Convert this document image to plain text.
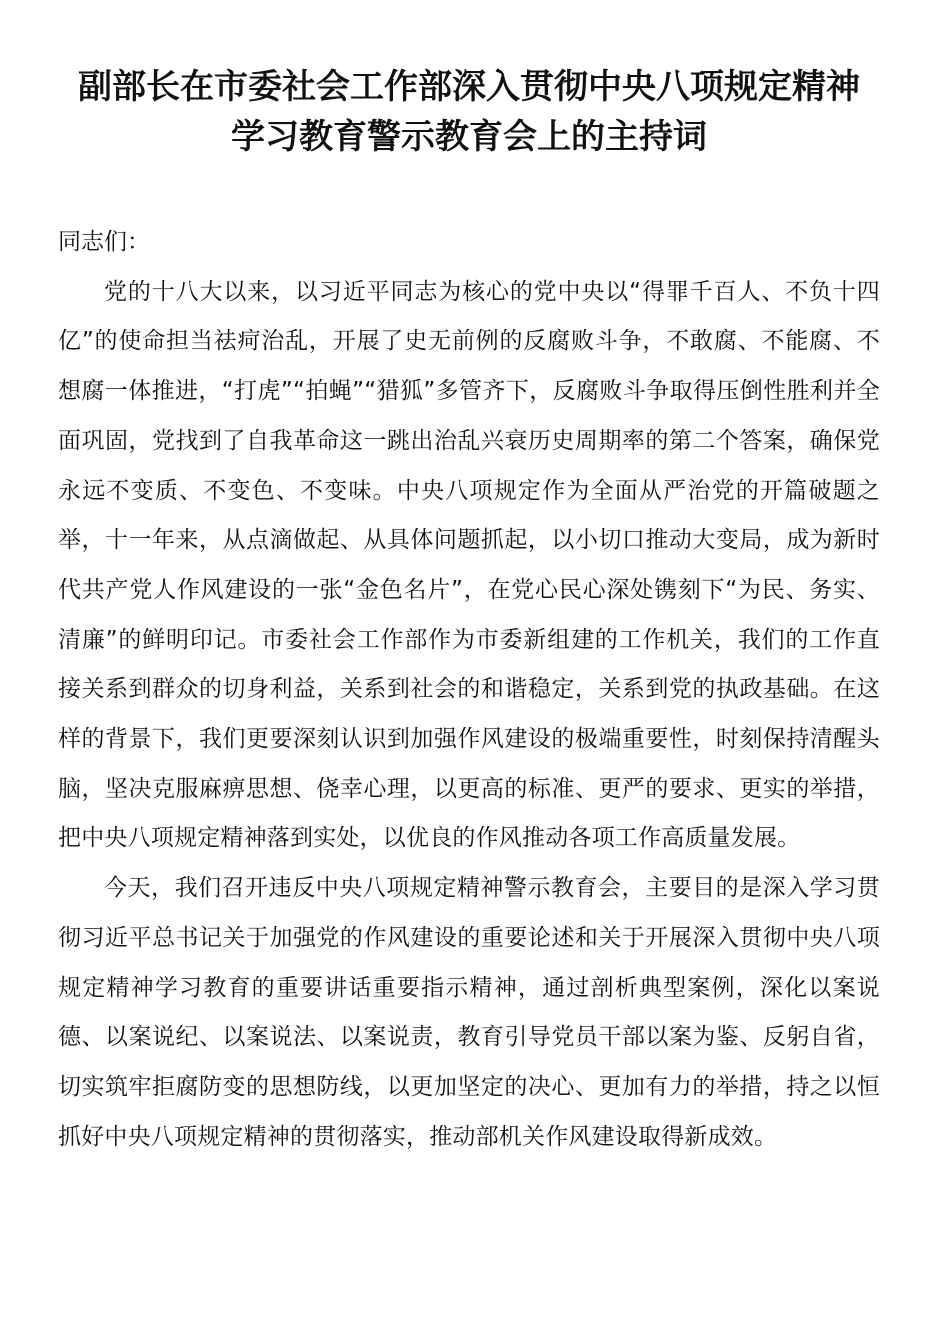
副部长在市委社会工作部深入贯彻中央八项规定精神
学习教育警示教育会上的主持词

同志们：

党的十八大以来，以习近平同志为核心的党中央以“得罪千百人、不负十四亿”的使命担当祛疴治乱，开展了史无前例的反腐败斗争，不敢腐、不能腐、不想腐一体推进，“打虎”“拍蝇”“猎狐”多管齐下，反腐败斗争取得压倒性胜利并全面巩固，党找到了自我革命这一跳出治乱兴衰历史周期率的第二个答案，确保党永远不变质、不变色、不变味。中央八项规定作为全面从严治党的开篇破题之举，十一年来，从点滴做起、从具体问题抓起，以小切口推动大变局，成为新时代共产党人作风建设的一张“金色名片”，在党心民心深处镌刻下“为民、务实、清廉”的鲜明印记。市委社会工作部作为市委新组建的工作机关，我们的工作直接关系到群众的切身利益，关系到社会的和谐稳定，关系到党的执政基础。在这样的背景下，我们更要深刻认识到加强作风建设的极端重要性，时刻保持清醒头脑，坚决克服麻痹思想、侥幸心理，以更高的标准、更严的要求、更实的举措，把中央八项规定精神落到实处，以优良的作风推动各项工作高质量发展。

今天，我们召开违反中央八项规定精神警示教育会，主要目的是深入学习贯彻习近平总书记关于加强党的作风建设的重要论述和关于开展深入贯彻中央八项规定精神学习教育的重要讲话重要指示精神，通过剖析典型案例，深化以案说德、以案说纪、以案说法、以案说责，教育引导党员干部以案为鉴、反躬自省，切实筑牢拒腐防变的思想防线，以更加坚定的决心、更加有力的举措，持之以恒抓好中央八项规定精神的贯彻落实，推动部机关作风建设取得新成效。
